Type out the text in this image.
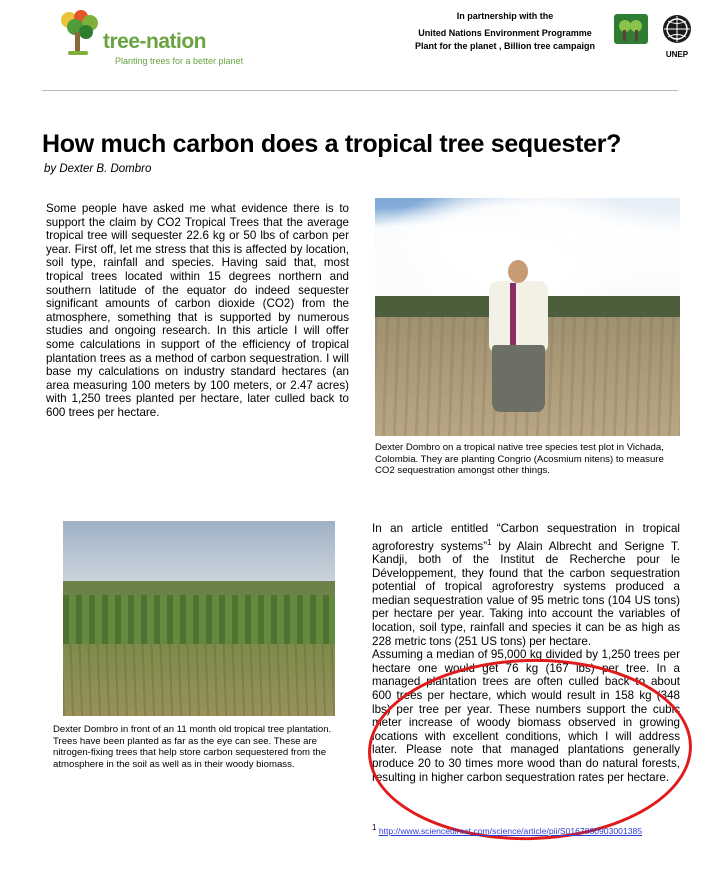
tree-nation
Planting trees for a better planet
In partnership with the
United Nations Environment Programme
Plant for the planet , Billion tree campaign
UNEP
How much carbon does a tropical tree sequester?
by Dexter B. Dombro

Some people have asked me what evidence there is to support the claim by CO2 Tropical Trees that the average tropical tree will sequester 22.6 kg or 50 lbs of carbon per year. First off, let me stress that this is affected by location, soil type, rainfall and species. Having said that, most tropical trees located within 15 degrees northern and southern latitude of the equator do indeed sequester significant amounts of carbon dioxide (CO2) from the atmosphere, something that is supported by numerous studies and ongoing research. In this article I will offer some calculations in support of the efficiency of tropical plantation trees as a method of carbon sequestration. I will base my calculations on industry standard hectares (an area measuring 100 meters by 100 meters, or 2.47 acres) with 1,250 trees planted per hectare, later culled back to 600 trees per hectare.

Dexter Dombro on a tropical native tree species test plot in Vichada, Colombia. They are planting Congrio (Acosmium nitens) to measure CO2 sequestration amongst other things.
Dexter Dombro in front of an 11 month old tropical tree plantation. Trees have been planted as far as the eye can see. These are nitrogen-fixing trees that help store carbon sequestered from the atmosphere in the soil as well as in their woody biomass.

In an article entitled “Carbon sequestration in tropical agroforestry systems”$^1$ by Alain Albrecht and Serigne T. Kandji, both of the Institut de Recherche pour le Développement, they found that the carbon sequestration potential of tropical agroforestry systems produced a median sequestration value of 95 metric tons (104 US tons) per hectare per year. Taking into account the variables of location, soil type, rainfall and species it can be as high as 228 metric tons (251 US tons) per hectare.

Assuming a median of 95,000 kg divided by 1,250 trees per hectare one would get 76 kg (167 lbs) per tree. In a managed plantation trees are often culled back to about 600 trees per hectare, which would result in 158 kg (348 lbs) per tree per year. These numbers support the cubic meter increase of woody biomass observed in growing locations with excellent conditions, which I will address later. Please note that managed plantations generally produce 20 to 30 times more wood than do natural forests, resulting in higher carbon sequestration rates per hectare.

1 http://www.sciencedirect.com/science/article/pii/S0167880903001385
